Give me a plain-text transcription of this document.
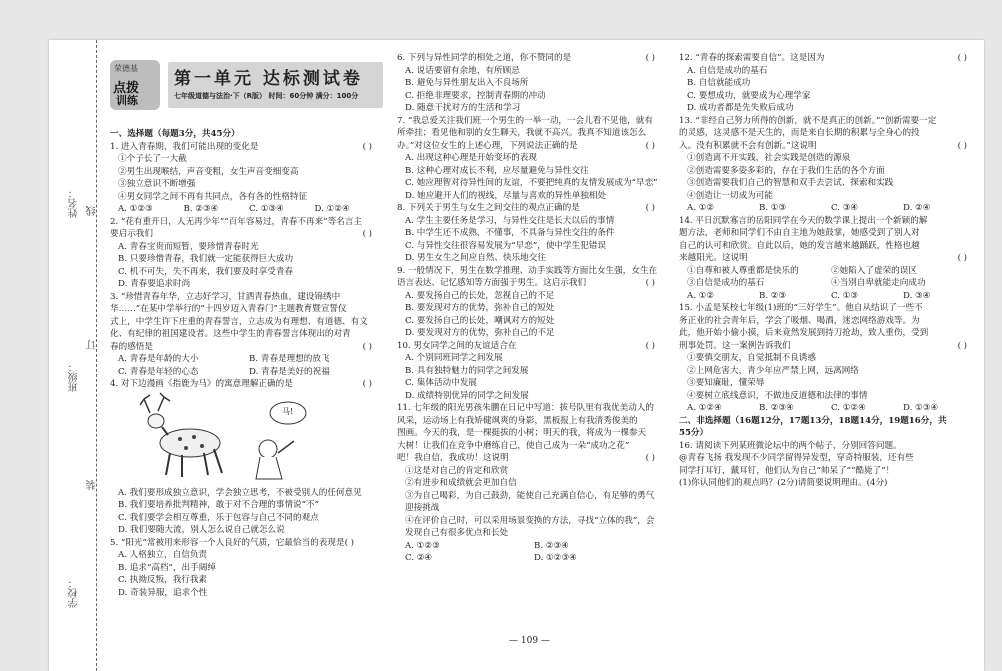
姓名： 线
班级：
订
装
学校：
荣德基
点拨
训练
第一单元 达标测试卷
七年级道德与法治·下（R版） 时间：60分钟 满分：100分

一、选择题（每题3分，共45分）

1. 进入青春期，我们可能出现的变化是	( )

①个子长了一大截

②男生出现喉结，声音变粗，女生声音变细变高

③独立意识不断增强

④男女同学之间不再有共同点，各有各的性格特征

A. ①②③	B. ②③④	C. ①③④	D. ①②④

2. “花有重开日，人无再少年”“百年容易过，青春不再来”等名言主

要启示我们	( )

A. 青春宝贵而短暂，要珍惜青春时光

B. 只要珍惜青春，我们就一定能获得巨大成功

C. 机不可失，失不再来，我们要及时享受青春

D. 青春要追求时尚

3. “珍惜青春年华，立志好学习，甘洒青春热血，建设锦绣中

华……”在某中学举行的“十四岁迈入青春门”主题教育暨宣誓仪

式上，中学生许下庄重的青春誓言，立志成为有理想、有道德、有文

化、有纪律的祖国建设者。这些中学生的青春誓言体现出的对青

春的感悟是	( )

A. 青春是年龄的大小	B. 青春是理想的放飞

C. 青春是年轻的心态	D. 青春是美好的祝福

4. 对下边漫画《指鹿为马》的寓意理解正确的是	( )

马!

A. 我们要形成独立意识，学会独立思考，不被受别人的任何意见

B. 我们要培养批判精神，敢于对不合理的事情说“不”

C. 我们要学会相互尊重，乐于包容与自己不同的观点

D. 我们要随大流，别人怎么说自己就怎么说

5. “阳光”常被用来形容一个人良好的气质，它最恰当的表现是( )

A. 人格独立，自信负责

B. 追求“高档”，出手阔绰

C. 执拗反叛，我行我素

D. 奇装异服，追求个性

6. 下列与异性同学的相处之道，你不赞同的是	( )

A. 说话要留有余地，有所顾忌

B. 避免与异性朋友出入不良场所

C. 拒绝非理要求，控制青春期的冲动

D. 随意干扰对方的生活和学习

7. “我总爱关注我们班一个男生的一举一动，一会儿看不见他，就有

所牵挂；看见他和别的女生聊天，我就不高兴。我真不知道该怎么

办。”对这位女生的上述心理，下列说法正确的是	( )

A. 出现这种心理是开始变坏的表现

B. 这种心理对成长不利，应尽量避免与异性交往

C. 她应理智对待异性间的友谊，不要把纯真的友情发展成为“早恋”

D. 她应避开人们的视线，尽量与喜欢的异性单独相处

8. 下列关于男生与女生之间交往的观点正确的是	( )

A. 学生主要任务是学习，与异性交往是长大以后的事情

B. 中学生还不成熟，不懂事，不具备与异性交往的条件

C. 与异性交往很容易发展为“早恋”，使中学生犯错误

D. 男生女生之间应自然、快乐地交往

9. 一般情况下，男生在数学推理、动手实践等方面比女生强，女生在

语言表达、记忆感知等方面强于男生。这启示我们	( )

A. 要发扬自己的长处，忽视自己的不足

B. 要发现对方的优势，弥补自己的短处

C. 要发扬自己的长处，嘲讽对方的短处

D. 要发现对方的优势，弥补自己的不足

10. 男女同学之间的友谊适合在	( )

A. 个别同班同学之间发展

B. 具有独特魅力的同学之间发展

C. 集体活动中发展

D. 成绩特别优异的同学之间发展

11. 七年级的阳光男孩朱鹏在日记中写道：拔号队里有我优美动人的

风采，运动场上有我矫健飒爽的身影，黑板报上有我清秀俊美的

图画。今天的我，是一棵挺拔的小树；明天的我，将成为一棵参天

大树！让我们在竞争中磨练自己，使自己成为一朵“成功之花”

吧！我自信，我成功！这说明	( )

①这是对自己的肯定和欣赏

②有进步和成绩就会更加自信

③为自己喝彩，为自己鼓劲，能使自己充满自信心，有足够的勇气

迎接挑战

④在评价自己时，可以采用场景变换的方法，寻找“立体的我”，会

发现自己有很多优点和长处

A. ①②③	B. ②③④

C. ②④	D. ①②③④

12. “青春的探索需要自信”。这是因为	( )

A. 自信是成功的基石

B. 自信就能成功

C. 要想成功，就要成为心理学家

D. 成功者都是先失败后成功

13. “非经自己努力所得的创新，就不是真正的创新。”“创新需要一定

的灵感，这灵感不是天生的，而是来自长期的积累与全身心的投

入。没有积累就不会有创新。”这说明	( )

①创造离不开实践，社会实践是创造的源泉

②创造需要多姿多彩的，存在于我们生活的各个方面

③创造需要我们自己的智慧和双手去尝试、探索和实践

④创造让一切成为可能

A. ①②	B. ①③	C. ③④	D. ②④

14. 平日沉默寡言的岳阳同学在今天的数学课上提出一个新颖的解

题方法，老师和同学们不由自主地为她鼓掌，她感受到了别人对

自己的认可和欣赏。自此以后，她的发言越来越踊跃，性格也越

来越阳光。这说明	( )

①自尊和被人尊重都是快乐的	②她陷入了虚荣的误区

③自信是成功的基石	④当別自卑就能走向成功

A. ①②	B. ②③	C. ①③	D. ③④

15. 小孟是某校七年级(1)班的“三好学生”。他自从结识了一些不

务正业的社会青年后，学会了吸烟、喝酒，迷恋网络游戏等。为

此，他开始小偷小摸，后来竟然发展到持刀抢劫，致人重伤，受到

刑事处罚。这一案例告诉我们	( )

①要慎交朋友，自觉抵制不良诱惑

②上网危害大，青少年应严禁上网，远离网络

③要知廉耻，懂荣辱

④要树立底线意识，不做违反道德和法律的事情

A. ①②④	B. ②③④	C. ①②④	D. ①③④

二、非选择题（16题12分，17题13分，18题14分，19题16分，共

55分）

16. 请阅读下列某班微论坛中的两个帖子，分别回答问题。

@青春飞扬 我发现不少同学留得异发型，穿奇特服装，还有些

同学打耳钉，戴耳钉，他们认为自己“帅呆了”“酷毙了”！

(1)你认同他们的观点吗？(2分)请简要说明理由。(4分)

— 109 —
